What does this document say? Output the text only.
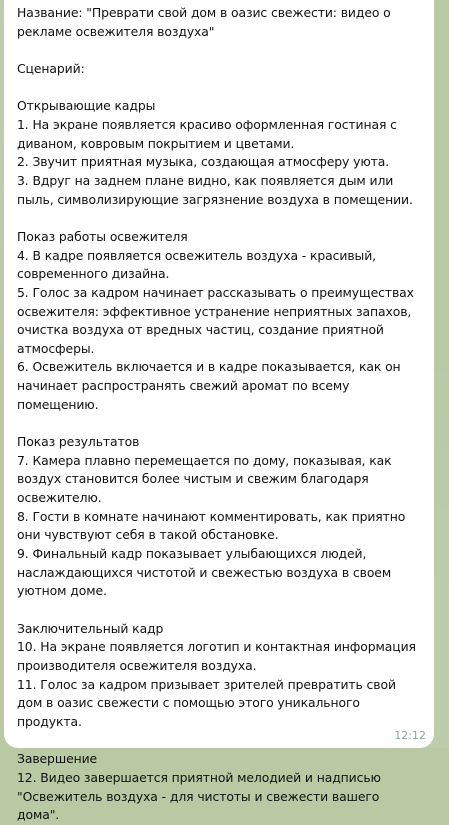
Название: "Преврати свой дом в оазис свежести: видео о рекламе освежителя воздуха"

Сценарий:

Открывающие кадры
1. На экране появляется красиво оформленная гостиная с диваном, ковровым покрытием и цветами.
2. Звучит приятная музыка, создающая атмосферу уюта.
3. Вдруг на заднем плане видно, как появляется дым или пыль, символизирующие загрязнение воздуха в помещении.

Показ работы освежителя
4. В кадре появляется освежитель воздуха - красивый, современного дизайна.
5. Голос за кадром начинает рассказывать о преимуществах освежителя: эффективное устранение неприятных запахов, очистка воздуха от вредных частиц, создание приятной атмосферы.
6. Освежитель включается и в кадре показывается, как он начинает распространять свежий аромат по всему помещению.

Показ результатов
7. Камера плавно перемещается по дому, показывая, как воздух становится более чистым и свежим благодаря освежителю.
8. Гости в комнате начинают комментировать, как приятно они чувствуют себя в такой обстановке.
9. Финальный кадр показывает улыбающихся людей, наслаждающихся чистотой и свежестью воздуха в своем уютном доме.

Заключительный кадр
10. На экране появляется логотип и контактная информация производителя освежителя воздуха.
11. Голос за кадром призывает зрителей превратить свой дом в оазис свежести с помощью этого уникального продукта.

Завершение
12. Видео завершается приятной мелодией и надписью "Освежитель воздуха - для чистоты и свежести вашего дома".

12:12
